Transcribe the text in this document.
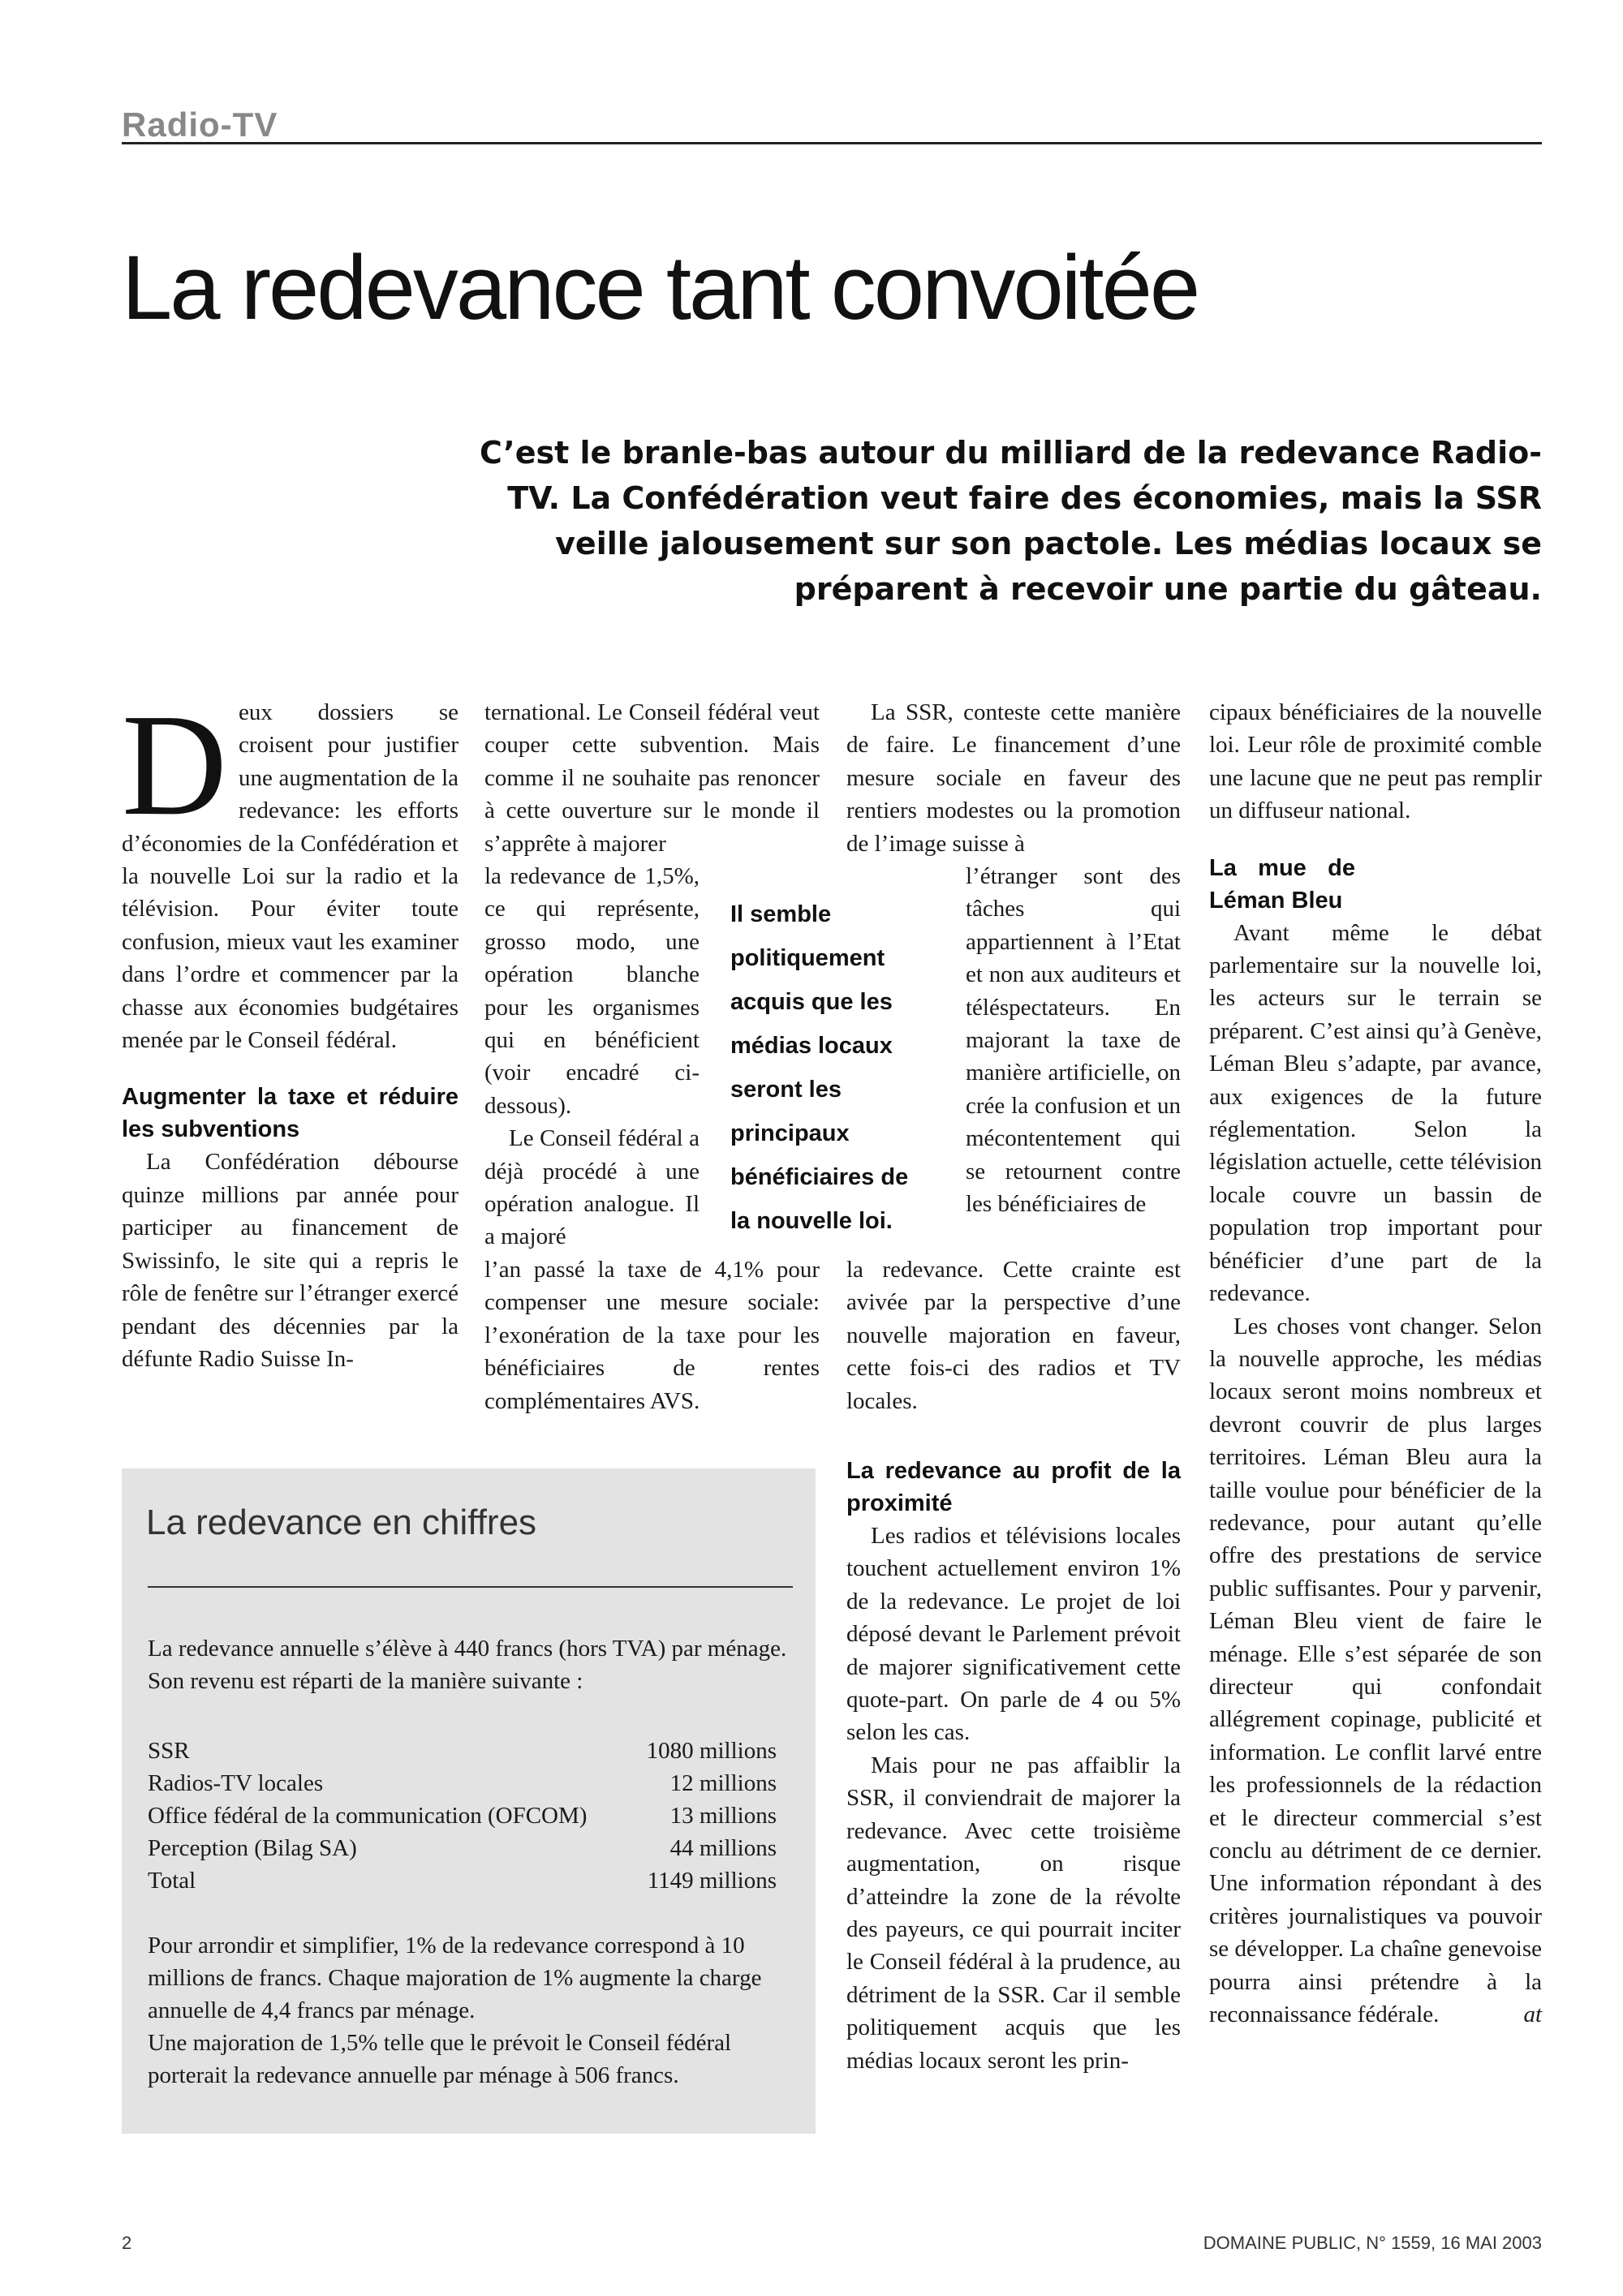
Radio-TV
La redevance tant convoitée
C’est le branle-bas autour du milliard de la redevance Radio-TV. La Confédération veut faire des économies, mais la SSR veille jalousement sur son pactole. Les médias locaux se préparent à recevoir une partie du gâteau.
D eux dossiers se croisent pour justifier une augmentation de la redevance: les efforts d’économies de la Confédération et la nouvelle Loi sur la radio et la télévision. Pour éviter toute confusion, mieux vaut les examiner dans l’ordre et commencer par la chasse aux économies budgétaires menée par le Conseil fédéral.

Augmenter la taxe et réduire les subventions

La Confédération débourse quinze millions par année pour participer au financement de Swissinfo, le site qui a repris le rôle de fenêtre sur l’étranger exercé pendant des décennies par la défunte Radio Suisse In-

ternational. Le Conseil fédéral veut couper cette subvention. Mais comme il ne souhaite pas renoncer à cette ouverture sur le monde il s’apprête à majorer

la redevance de 1,5%, ce qui représente, grosso modo, une opération blanche pour les organismes qui en bénéficient (voir encadré ci-dessous).

Le Conseil fédéral a déjà procédé à une opération analogue. Il a majoré

l’an passé la taxe de 4,1% pour compenser une mesure sociale: l’exonération de la taxe pour les bénéficiaires de rentes complémentaires AVS.

Il semble politiquement acquis que les médias locaux seront les principaux bénéficiaires de la nouvelle loi.

La SSR, conteste cette manière de faire. Le financement d’une mesure sociale en faveur des rentiers modestes ou la promotion de l’image suisse à

l’étranger sont des tâches qui appartiennent à l’Etat et non aux auditeurs et téléspectateurs. En majorant la taxe de manière artificielle, on crée la confusion et un mécontentement qui se retournent contre les bénéficiaires de

la redevance. Cette crainte est avivée par la perspective d’une nouvelle majoration en faveur, cette fois-ci des radios et TV locales.

La redevance au profit de la proximité

Les radios et télévisions locales touchent actuellement environ 1% de la redevance. Le projet de loi déposé devant le Parlement prévoit de majorer significativement cette quote-part. On parle de 4 ou 5% selon les cas.

Mais pour ne pas affaiblir la SSR, il conviendrait de majorer la redevance. Avec cette troisième augmentation, on risque d’atteindre la zone de la révolte des payeurs, ce qui pourrait inciter le Conseil fédéral à la prudence, au détriment de la SSR. Car il semble politiquement acquis que les médias locaux seront les prin-

cipaux bénéficiaires de la nouvelle loi. Leur rôle de proximité comble une lacune que ne peut pas remplir un diffuseur national.

La mue de Léman Bleu

Avant même le débat parlementaire sur la nouvelle loi, les acteurs sur le terrain se préparent. C’est ainsi qu’à Genève, Léman Bleu s’adapte, par avance, aux exigences de la future réglementation. Selon la législation actuelle, cette télévision locale couvre un bassin de population trop important pour bénéficier d’une part de la redevance.

Les choses vont changer. Selon la nouvelle approche, les médias locaux seront moins nombreux et devront couvrir de plus larges territoires. Léman Bleu aura la taille voulue pour bénéficier de la redevance, pour autant qu’elle offre des prestations de service public suffisantes. Pour y parvenir, Léman Bleu vient de faire le ménage. Elle s’est séparée de son directeur qui confondait allégrement copinage, publicité et information. Le conflit larvé entre les professionnels de la rédaction et le directeur commercial s’est conclu au détriment de ce dernier. Une information répondant à des critères journalistiques va pouvoir se développer. La chaîne genevoise pourra ainsi prétendre à la reconnaissance fédérale.	at

La redevance en chiffres
La redevance annuelle s’élève à 440 francs (hors TVA) par ménage. Son revenu est réparti de la manière suivante :
SSR	1080 millions
Radios-TV locales	12 millions
Office fédéral de la communication (OFCOM)	13 millions
Perception (Bilag SA)	44 millions
Total	1149 millions
Pour arrondir et simplifier, 1% de la redevance correspond à 10 millions de francs. Chaque majoration de 1% augmente la charge annuelle de 4,4 francs par ménage.
Une majoration de 1,5% telle que le prévoit le Conseil fédéral porterait la redevance annuelle par ménage à 506 francs.
2	DOMAINE PUBLIC, N° 1559, 16 MAI 2003
